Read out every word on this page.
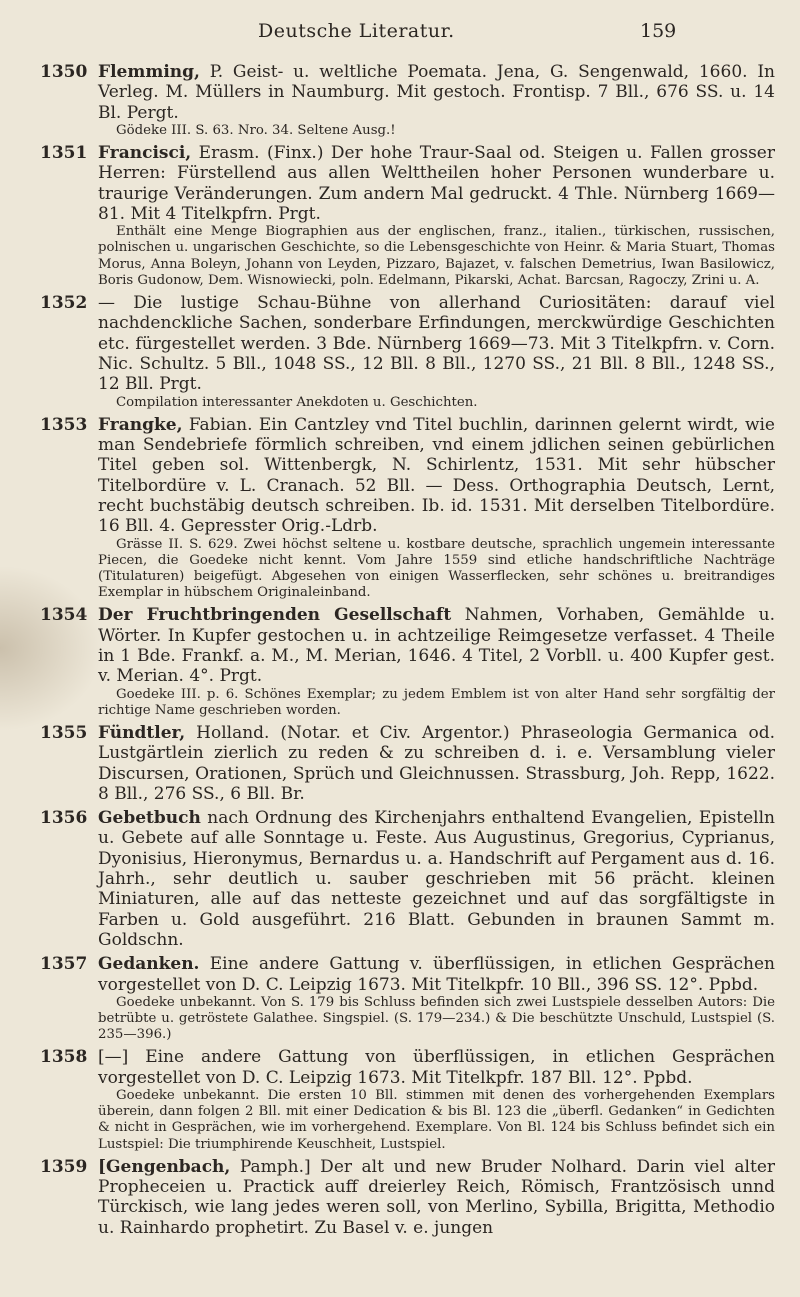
Deutsche Literatur.	159
1350 Flemming, P. Geist- u. weltliche Poemata. Jena, G. Sengenwald, 1660. In Verleg. M. Müllers in Naumburg. Mit gestoch. Frontisp. 7 Bll., 676 SS. u. 14 Bl. Pergt.
Gödeke III. S. 63. Nro. 34. Seltene Ausg.!
1351 Francisci, Erasm. (Finx.) Der hohe Traur-Saal od. Steigen u. Fallen grosser Herren: Fürstellend aus allen Welttheilen hoher Personen wunderbare u. traurige Veränderungen. Zum andern Mal gedruckt. 4 Thle. Nürnberg 1669—81. Mit 4 Titelkpfrn. Prgt.
Enthält eine Menge Biographien aus der englischen, franz., italien., türkischen, russischen, polnischen u. ungarischen Geschichte, so die Lebensgeschichte von Heinr. & Maria Stuart, Thomas Morus, Anna Boleyn, Johann von Leyden, Pizzaro, Bajazet, v. falschen Demetrius, Iwan Basilowicz, Boris Gudonow, Dem. Wisnowiecki, poln. Edelmann, Pikarski, Achat. Barcsan, Ragoczy, Zrini u. A.
1352 — Die lustige Schau-Bühne von allerhand Curiositäten: darauf viel nachdenckliche Sachen, sonderbare Erfindungen, merckwürdige Geschichten etc. fürgestellet werden. 3 Bde. Nürnberg 1669—73. Mit 3 Titelkpfrn. v. Corn. Nic. Schultz. 5 Bll., 1048 SS., 12 Bll. 8 Bll., 1270 SS., 21 Bll. 8 Bll., 1248 SS., 12 Bll. Prgt.
Compilation interessanter Anekdoten u. Geschichten.
1353 Frangke, Fabian. Ein Cantzley vnd Titel buchlin, darinnen gelernt wirdt, wie man Sendebriefe förmlich schreiben, vnd einem jdlichen seinen gebürlichen Titel geben sol. Wittenbergk, N. Schirlentz, 1531. Mit sehr hübscher Titelbordüre v. L. Cranach. 52 Bll. — Dess. Orthographia Deutsch, Lernt, recht buchstäbig deutsch schreiben. Ib. id. 1531. Mit derselben Titelbordüre. 16 Bll. 4. Gepresster Orig.-Ldrb.
Grässe II. S. 629. Zwei höchst seltene u. kostbare deutsche, sprachlich ungemein interessante Piecen, die Goedeke nicht kennt. Vom Jahre 1559 sind etliche handschriftliche Nachträge (Titulaturen) beigefügt. Abgesehen von einigen Wasserflecken, sehr schönes u. breitrandiges Exemplar in hübschem Originaleinband.
1354 Der Fruchtbringenden Gesellschaft Nahmen, Vorhaben, Gemählde u. Wörter. In Kupfer gestochen u. in achtzeilige Reimgesetze verfasset. 4 Theile in 1 Bde. Frankf. a. M., M. Merian, 1646. 4 Titel, 2 Vorbll. u. 400 Kupfer gest. v. Merian. 4°. Prgt.
Goedeke III. p. 6. Schönes Exemplar; zu jedem Emblem ist von alter Hand sehr sorgfältig der richtige Name geschrieben worden.
1355 Fündtler, Holland. (Notar. et Civ. Argentor.) Phraseologia Germanica od. Lustgärtlein zierlich zu reden & zu schreiben d. i. e. Versamblung vieler Discursen, Orationen, Sprüch und Gleichnussen. Strassburg, Joh. Repp, 1622. 8 Bll., 276 SS., 6 Bll. Br.
1356 Gebetbuch nach Ordnung des Kirchenjahrs enthaltend Evangelien, Epistelln u. Gebete auf alle Sonntage u. Feste. Aus Augustinus, Gregorius, Cyprianus, Dyonisius, Hieronymus, Bernardus u. a. Handschrift auf Pergament aus d. 16. Jahrh., sehr deutlich u. sauber geschrieben mit 56 prächt. kleinen Miniaturen, alle auf das netteste gezeichnet und auf das sorgfältigste in Farben u. Gold ausgeführt. 216 Blatt. Gebunden in braunen Sammt m. Goldschn.
1357 Gedanken. Eine andere Gattung v. überflüssigen, in etlichen Gesprächen vorgestellet von D. C. Leipzig 1673. Mit Titelkpfr. 10 Bll., 396 SS. 12°. Ppbd.
Goedeke unbekannt. Von S. 179 bis Schluss befinden sich zwei Lustspiele desselben Autors: Die betrübte u. getröstete Galathee. Singspiel. (S. 179—234.) & Die beschützte Unschuld, Lustspiel (S. 235—396.)
1358 [—] Eine andere Gattung von überflüssigen, in etlichen Gesprächen vorgestellet von D. C. Leipzig 1673. Mit Titelkpfr. 187 Bll. 12°. Ppbd.
Goedeke unbekannt. Die ersten 10 Bll. stimmen mit denen des vorhergehenden Exemplars überein, dann folgen 2 Bll. mit einer Dedication & bis Bl. 123 die „überfl. Gedanken“ in Gedichten & nicht in Gesprächen, wie im vorhergehend. Exemplare. Von Bl. 124 bis Schluss befindet sich ein Lustspiel: Die triumphirende Keuschheit, Lustspiel.
1359 [Gengenbach, Pamph.] Der alt und new Bruder Nolhard. Darin viel alter Propheceien u. Practick auff dreierley Reich, Römisch, Frantzösisch unnd Türckisch, wie lang jedes weren soll, von Merlino, Sybilla, Brigitta, Methodio u. Rainhardo prophetirt. Zu Basel v. e. jungen
